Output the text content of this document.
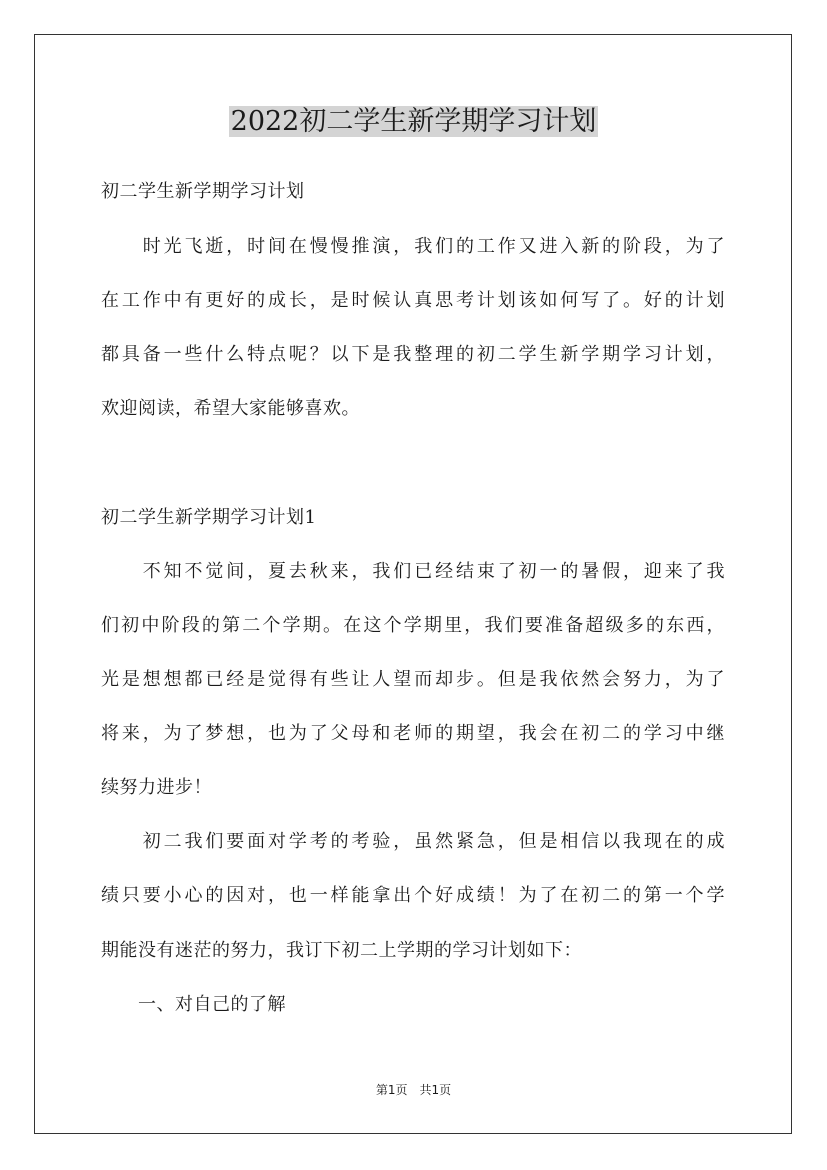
2022初二学生新学期学习计划
初二学生新学期学习计划
　　时光飞逝，时间在慢慢推演，我们的工作又进入新的阶段，为了
在工作中有更好的成长，是时候认真思考计划该如何写了。好的计划
都具备一些什么特点呢？以下是我整理的初二学生新学期学习计划，
欢迎阅读，希望大家能够喜欢。
初二学生新学期学习计划1
　　不知不觉间，夏去秋来，我们已经结束了初一的暑假，迎来了我
们初中阶段的第二个学期。在这个学期里，我们要准备超级多的东西，
光是想想都已经是觉得有些让人望而却步。但是我依然会努力，为了
将来，为了梦想，也为了父母和老师的期望，我会在初二的学习中继
续努力进步！
　　初二我们要面对学考的考验，虽然紧急，但是相信以我现在的成
绩只要小心的因对，也一样能拿出个好成绩！为了在初二的第一个学
期能没有迷茫的努力，我订下初二上学期的学习计划如下：
　　一、对自己的了解
第1页　共1页
